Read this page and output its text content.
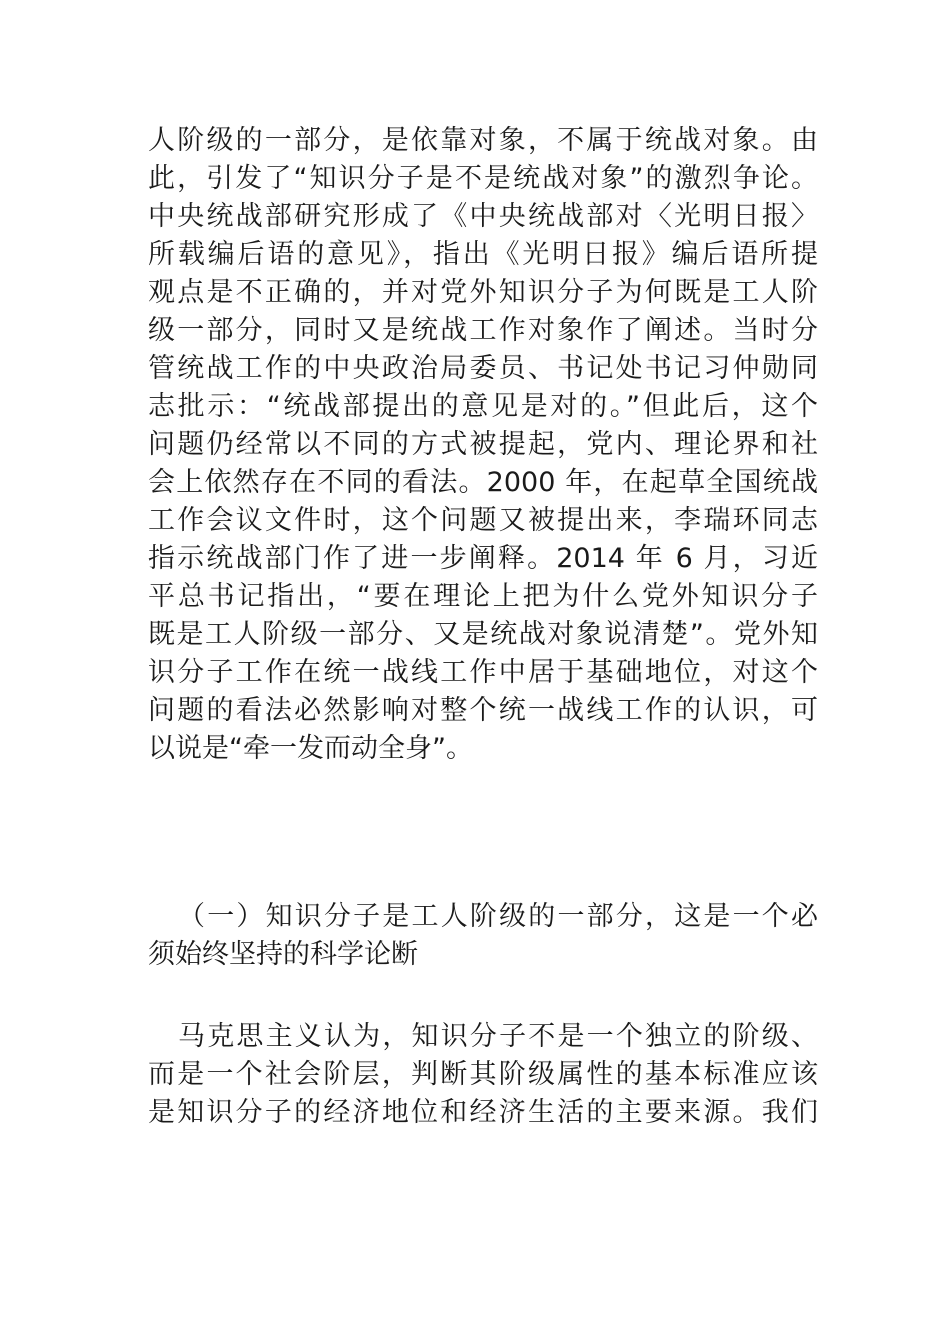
人阶级的一部分，是依靠对象，不属于统战对象。由
此，引发了“知识分子是不是统战对象”的激烈争论。
中央统战部研究形成了《中央统战部对〈光明日报〉
所载编后语的意见》，指出《光明日报》编后语所提
观点是不正确的，并对党外知识分子为何既是工人阶
级一部分，同时又是统战工作对象作了阐述。当时分
管统战工作的中央政治局委员、书记处书记习仲勋同
志批示：“统战部提出的意见是对的。”但此后，这个
问题仍经常以不同的方式被提起，党内、理论界和社
会上依然存在不同的看法。2000 年，在起草全国统战
工作会议文件时，这个问题又被提出来，李瑞环同志
指示统战部门作了进一步阐释。2014 年 6 月，习近
平总书记指出，“要在理论上把为什么党外知识分子
既是工人阶级一部分、又是统战对象说清楚”。党外知
识分子工作在统一战线工作中居于基础地位，对这个
问题的看法必然影响对整个统一战线工作的认识，可
以说是“牵一发而动全身”。
（一）知识分子是工人阶级的一部分，这是一个必
须始终坚持的科学论断
马克思主义认为，知识分子不是一个独立的阶级、
而是一个社会阶层，判断其阶级属性的基本标准应该
是知识分子的经济地位和经济生活的主要来源。我们
